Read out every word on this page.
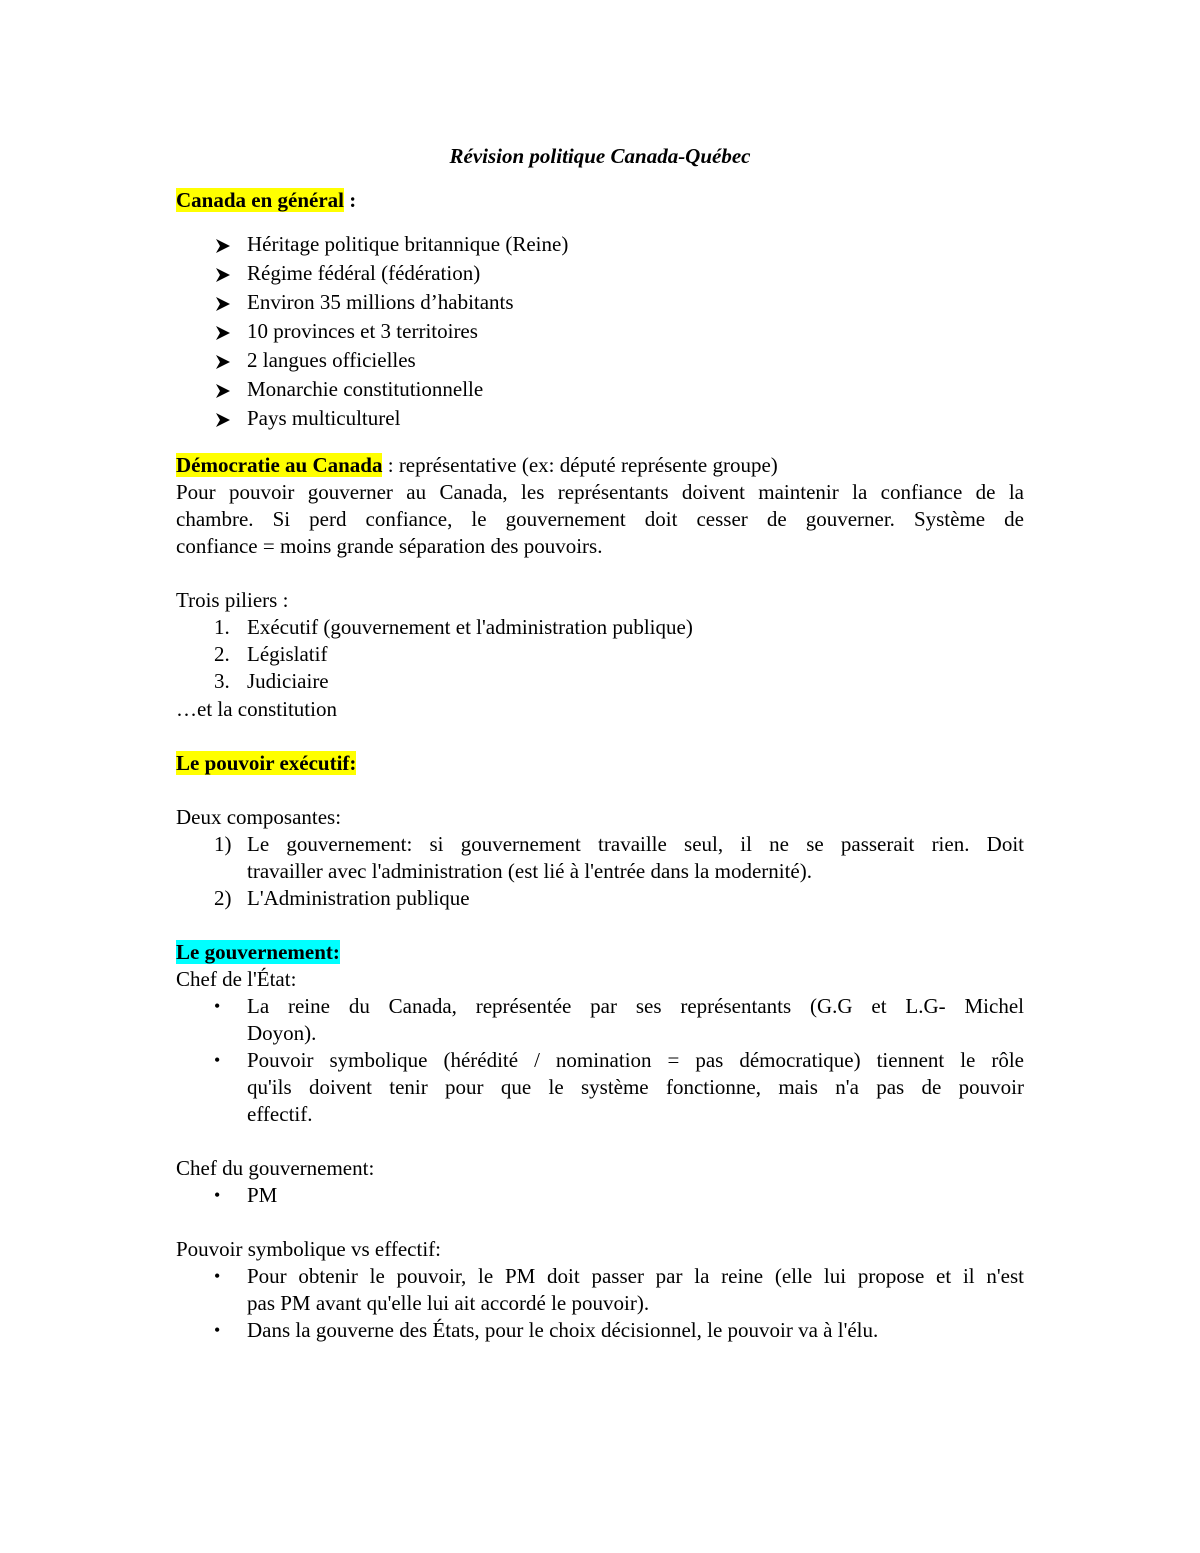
Révision politique Canada-Québec
Canada en général :
Héritage politique britannique (Reine)
Régime fédéral (fédération)
Environ 35 millions d’habitants
10 provinces et 3 territoires
2 langues officielles
Monarchie constitutionnelle
Pays multiculturel
Démocratie au Canada : représentative (ex: député représente groupe)
Pour pouvoir gouverner au Canada, les représentants doivent maintenir la confiance de la
chambre. Si perd confiance, le gouvernement doit cesser de gouverner. Système de
confiance = moins grande séparation des pouvoirs.
Trois piliers :
1. Exécutif (gouvernement et l'administration publique)
2. Législatif
3. Judiciaire
…et la constitution
Le pouvoir exécutif:
Deux composantes:
1) Le gouvernement: si gouvernement travaille seul, il ne se passerait rien. Doit
travailler avec l'administration (est lié à l'entrée dans la modernité).
2) L'Administration publique
Le gouvernement:
Chef de l'État:
• La reine du Canada, représentée par ses représentants (G.G et L.G- Michel
Doyon).
• Pouvoir symbolique (hérédité / nomination = pas démocratique) tiennent le rôle
qu'ils doivent tenir pour que le système fonctionne, mais n'a pas de pouvoir
effectif.
Chef du gouvernement:
• PM
Pouvoir symbolique vs effectif:
• Pour obtenir le pouvoir, le PM doit passer par la reine (elle lui propose et il n'est
pas PM avant qu'elle lui ait accordé le pouvoir).
• Dans la gouverne des États, pour le choix décisionnel, le pouvoir va à l'élu.
